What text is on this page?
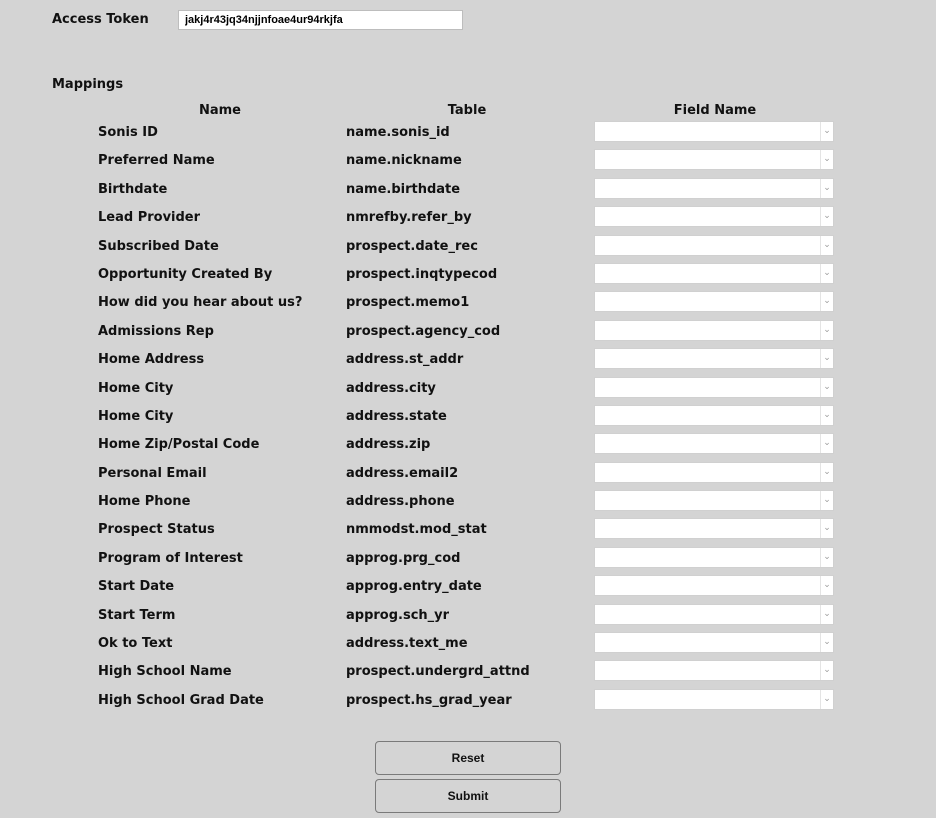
Access Token
jakj4r43jq34njjnfoae4ur94rkjfa
Mappings
Name	Table	Field Name
Sonis ID	name.sonis_id	⌄
Preferred Name	name.nickname	⌄
Birthdate	name.birthdate	⌄
Lead Provider	nmrefby.refer_by	⌄
Subscribed Date	prospect.date_rec	⌄
Opportunity Created By	prospect.inqtypecod	⌄
How did you hear about us?	prospect.memo1	⌄
Admissions Rep	prospect.agency_cod	⌄
Home Address	address.st_addr	⌄
Home City	address.city	⌄
Home City	address.state	⌄
Home Zip/Postal Code	address.zip	⌄
Personal Email	address.email2	⌄
Home Phone	address.phone	⌄
Prospect Status	nmmodst.mod_stat	⌄
Program of Interest	approg.prg_cod	⌄
Start Date	approg.entry_date	⌄
Start Term	approg.sch_yr	⌄
Ok to Text	address.text_me	⌄
High School Name	prospect.undergrd_attnd	⌄
High School Grad Date	prospect.hs_grad_year	⌄
Reset
Submit
